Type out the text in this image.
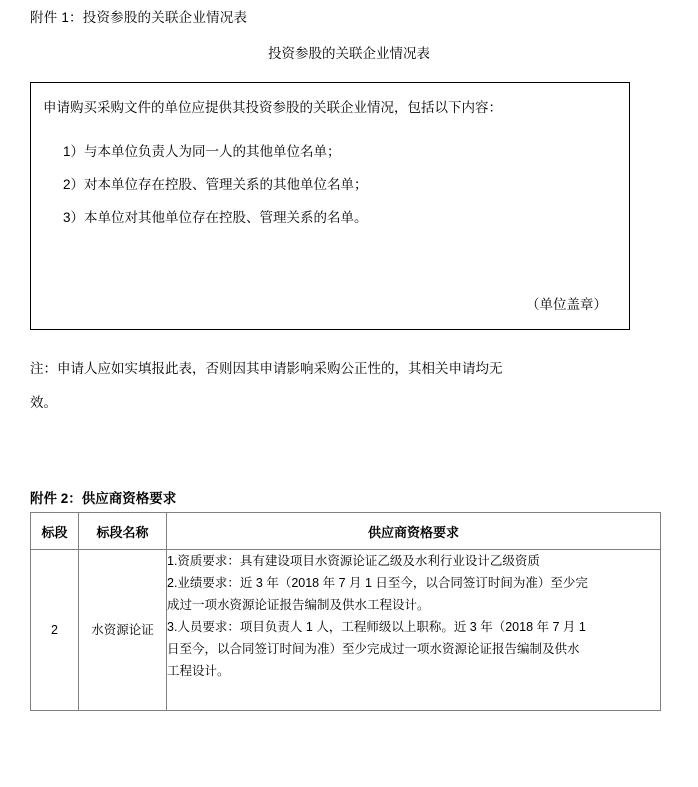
附件 1：投资参股的关联企业情况表
投资参股的关联企业情况表
申请购买采购文件的单位应提供其投资参股的关联企业情况，包括以下内容：
1）与本单位负责人为同一人的其他单位名单；
2）对本单位存在控股、管理关系的其他单位名单；
3）本单位对其他单位存在控股、管理关系的名单。
（单位盖章）
注：申请人应如实填报此表，否则因其申请影响采购公正性的，其相关申请均无
效。
附件 2：供应商资格要求
标段	标段名称	供应商资格要求
2	水资源论证	
1.资质要求：具有建设项目水资源论证乙级及水利行业设计乙级资质
2.业绩要求：近 3 年（2018 年 7 月 1 日至今，以合同签订时间为准）至少完
成过一项水资源论证报告编制及供水工程设计。
3.人员要求：项目负责人 1 人，工程师级以上职称。近 3 年（2018 年 7 月 1
日至今，以合同签订时间为准）至少完成过一项水资源论证报告编制及供水
工程设计。
